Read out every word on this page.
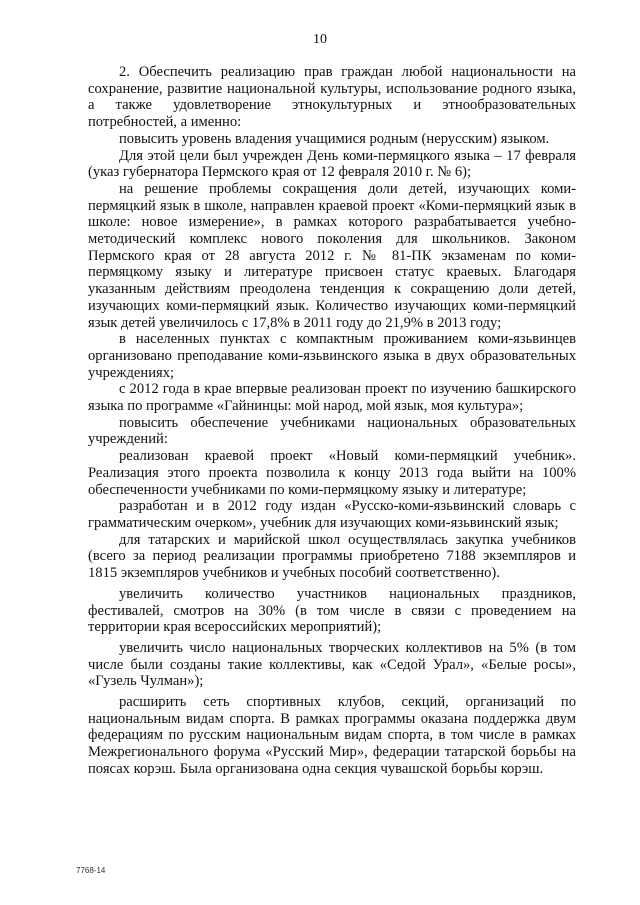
10

2. Обеспечить реализацию прав граждан любой национальности на сохранение, развитие национальной культуры, использование родного языка, а также удовлетворение этнокультурных и этнообразовательных потребностей, а именно:

повысить уровень владения учащимися родным (нерусским) языком.

Для этой цели был учрежден День коми-пермяцкого языка – 17 февраля (указ губернатора Пермского края от 12 февраля 2010 г. № 6);

на решение проблемы сокращения доли детей, изучающих коми-пермяцкий язык в школе, направлен краевой проект «Коми-пермяцкий язык в школе: новое измерение», в рамках которого разрабатывается учебно-методический комплекс нового поколения для школьников. Законом Пермского края от 28 августа 2012 г. № 81-ПК экзаменам по коми-пермяцкому языку и литературе присвоен статус краевых. Благодаря указанным действиям преодолена тенденция к сокращению доли детей, изучающих коми-пермяцкий язык. Количество изучающих коми-пермяцкий язык детей увеличилось с 17,8% в 2011 году до 21,9% в 2013 году;

в населенных пунктах с компактным проживанием коми-язьвинцев организовано преподавание коми-язьвинского языка в двух образовательных учреждениях;

с 2012 года в крае впервые реализован проект по изучению башкирского языка по программе «Гайнинцы: мой народ, мой язык, моя культура»;

повысить обеспечение учебниками национальных образовательных учреждений:

реализован краевой проект «Новый коми-пермяцкий учебник». Реализация этого проекта позволила к концу 2013 года выйти на 100% обеспеченности учебниками по коми-пермяцкому языку и литературе;

разработан и в 2012 году издан «Русско-коми-язьвинский словарь с грамматическим очерком», учебник для изучающих коми-язьвинский язык;

для татарских и марийской школ осуществлялась закупка учебников (всего за период реализации программы приобретено 7188 экземпляров и 1815 экземпляров учебников и учебных пособий соответственно).

увеличить количество участников национальных праздников, фестивалей, смотров на 30% (в том числе в связи с проведением на территории края всероссийских мероприятий);

увеличить число национальных творческих коллективов на 5% (в том числе были созданы такие коллективы, как «Седой Урал», «Белые росы», «Гузель Чулман»);

расширить сеть спортивных клубов, секций, организаций по национальным видам спорта. В рамках программы оказана поддержка двум федерациям по русским национальным видам спорта, в том числе в рамках Межрегионального форума «Русский Мир», федерации татарской борьбы на поясах корэш. Была организована одна секция чувашской борьбы корэш.

7768-14
